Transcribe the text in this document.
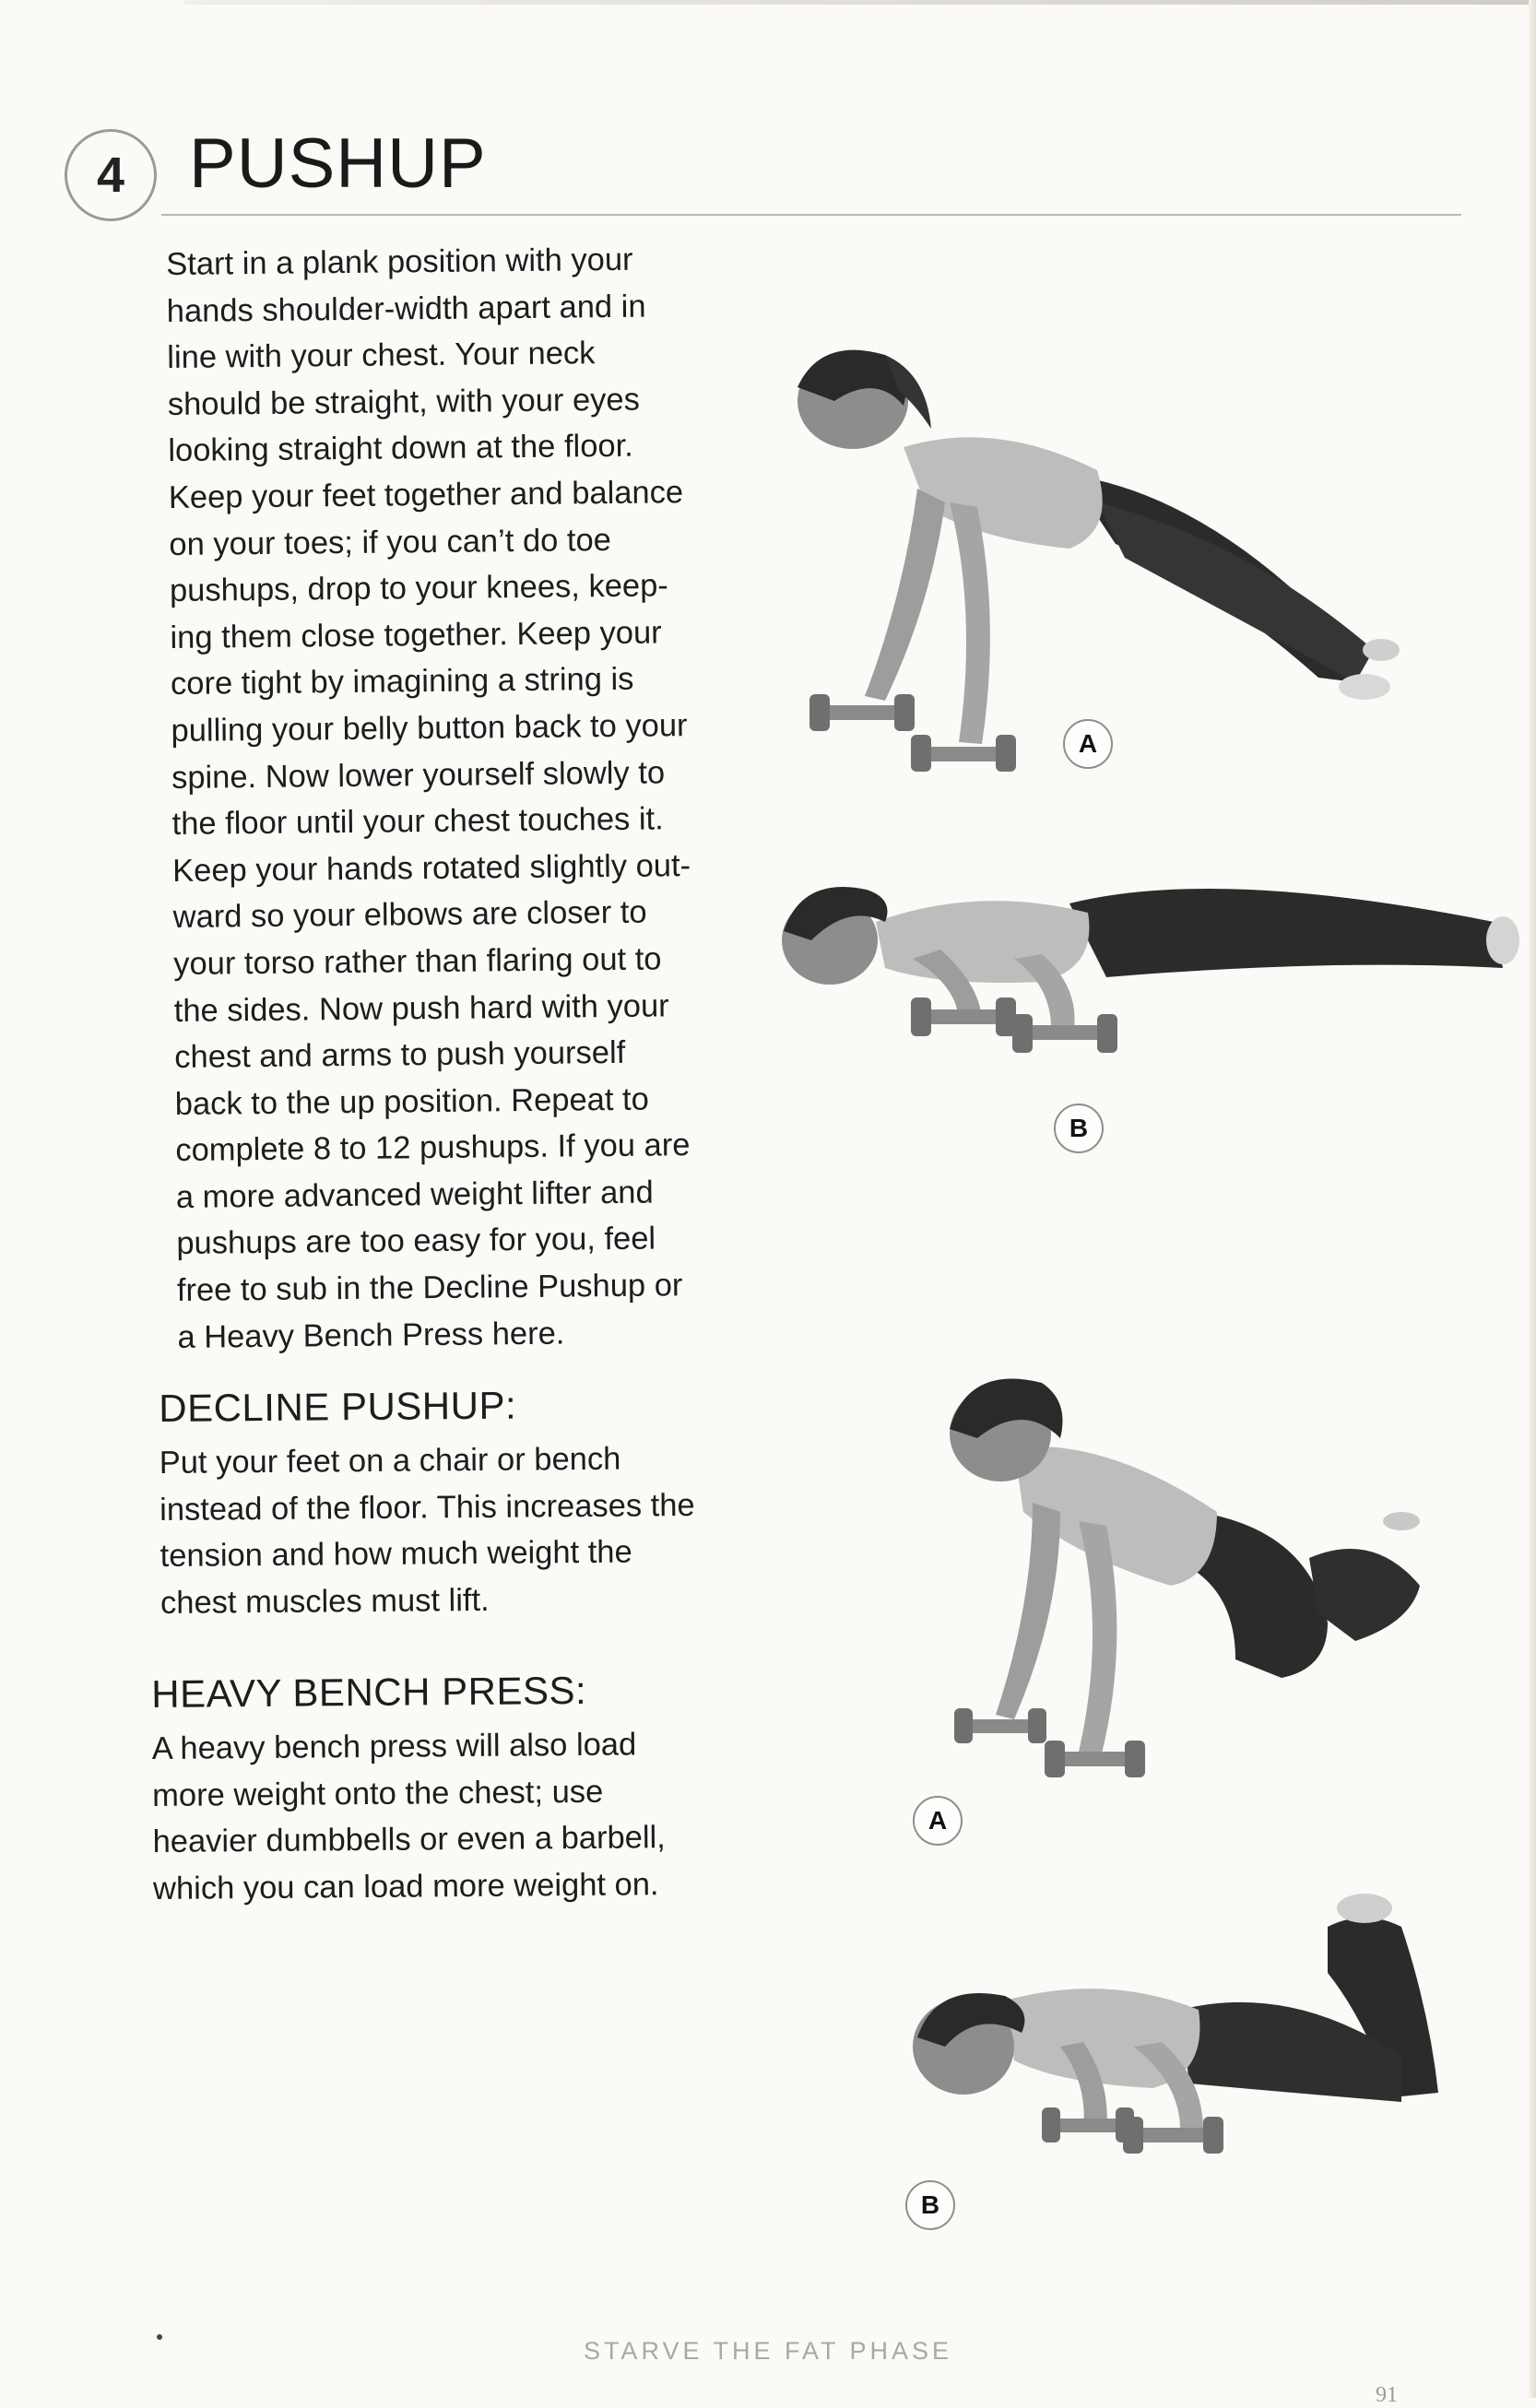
4 PUSHUP
Start in a plank position with your
hands shoulder-width apart and in
line with your chest. Your neck
should be straight, with your eyes
looking straight down at the floor.
Keep your feet together and balance
on your toes; if you can’t do toe
pushups, drop to your knees, keep-
ing them close together. Keep your
core tight by imagining a string is
pulling your belly button back to your
spine. Now lower yourself slowly to
the floor until your chest touches it.
Keep your hands rotated slightly out-
ward so your elbows are closer to
your torso rather than flaring out to
the sides. Now push hard with your
chest and arms to push yourself
back to the up position. Repeat to
complete 8 to 12 pushups. If you are
a more advanced weight lifter and
pushups are too easy for you, feel
free to sub in the Decline Pushup or
a Heavy Bench Press here.
DECLINE PUSHUP:
Put your feet on a chair or bench
instead of the floor. This increases the
tension and how much weight the
chest muscles must lift.
HEAVY BENCH PRESS:
A heavy bench press will also load
more weight onto the chest; use
heavier dumbbells or even a barbell,
which you can load more weight on.
A
B
A
B
STARVE THE FAT PHASE
91
